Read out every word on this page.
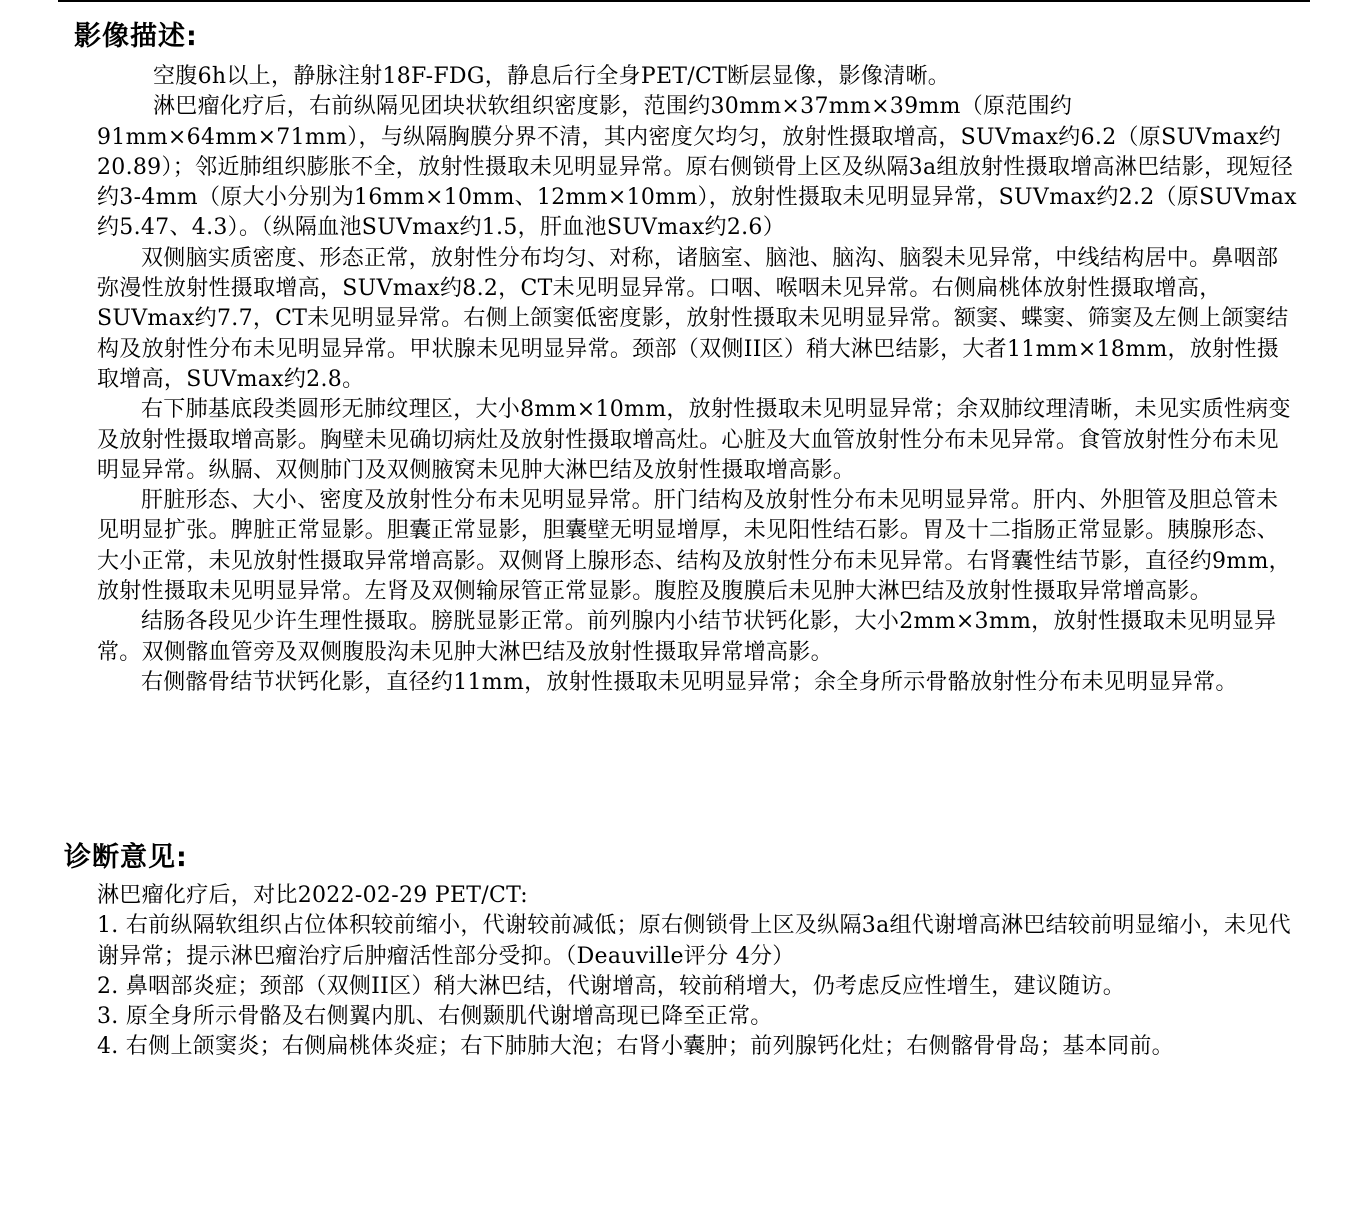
影像描述:

空腹6h以上，静脉注射18F-FDG，静息后行全身PET/CT断层显像，影像清晰。

淋巴瘤化疗后，右前纵隔见团块状软组织密度影，范围约30mm×37mm×39mm（原范围约91mm×64mm×71mm），与纵隔胸膜分界不清，其内密度欠均匀，放射性摄取增高，SUVmax约6.2（原SUVmax约20.89）；邻近肺组织膨胀不全，放射性摄取未见明显异常。原右侧锁骨上区及纵隔3a组放射性摄取增高淋巴结影，现短径约3-4mm（原大小分别为16mm×10mm、12mm×10mm），放射性摄取未见明显异常，SUVmax约2.2（原SUVmax约5.47、4.3）。（纵隔血池SUVmax约1.5，肝血池SUVmax约2.6）

双侧脑实质密度、形态正常，放射性分布均匀、对称，诸脑室、脑池、脑沟、脑裂未见异常，中线结构居中。鼻咽部弥漫性放射性摄取增高，SUVmax约8.2，CT未见明显异常。口咽、喉咽未见异常。右侧扁桃体放射性摄取增高，SUVmax约7.7，CT未见明显异常。右侧上颌窦低密度影，放射性摄取未见明显异常。额窦、蝶窦、筛窦及左侧上颌窦结构及放射性分布未见明显异常。甲状腺未见明显异常。颈部（双侧II区）稍大淋巴结影，大者11mm×18mm，放射性摄取增高，SUVmax约2.8。

右下肺基底段类圆形无肺纹理区，大小8mm×10mm，放射性摄取未见明显异常；余双肺纹理清晰，未见实质性病变及放射性摄取增高影。胸壁未见确切病灶及放射性摄取增高灶。心脏及大血管放射性分布未见异常。食管放射性分布未见明显异常。纵膈、双侧肺门及双侧腋窝未见肿大淋巴结及放射性摄取增高影。

肝脏形态、大小、密度及放射性分布未见明显异常。肝门结构及放射性分布未见明显异常。肝内、外胆管及胆总管未见明显扩张。脾脏正常显影。胆囊正常显影，胆囊壁无明显增厚，未见阳性结石影。胃及十二指肠正常显影。胰腺形态、大小正常，未见放射性摄取异常增高影。双侧肾上腺形态、结构及放射性分布未见异常。右肾囊性结节影，直径约9mm，放射性摄取未见明显异常。左肾及双侧输尿管正常显影。腹腔及腹膜后未见肿大淋巴结及放射性摄取异常增高影。

结肠各段见少许生理性摄取。膀胱显影正常。前列腺内小结节状钙化影，大小2mm×3mm，放射性摄取未见明显异常。双侧髂血管旁及双侧腹股沟未见肿大淋巴结及放射性摄取异常增高影。

右侧髂骨结节状钙化影，直径约11mm，放射性摄取未见明显异常；余全身所示骨骼放射性分布未见明显异常。

诊断意见:

淋巴瘤化疗后，对比2022-02-29 PET/CT:

1. 右前纵隔软组织占位体积较前缩小，代谢较前减低；原右侧锁骨上区及纵隔3a组代谢增高淋巴结较前明显缩小，未见代谢异常；提示淋巴瘤治疗后肿瘤活性部分受抑。（Deauville评分 4分）

2. 鼻咽部炎症；颈部（双侧II区）稍大淋巴结，代谢增高，较前稍增大，仍考虑反应性增生，建议随访。

3. 原全身所示骨骼及右侧翼内肌、右侧颞肌代谢增高现已降至正常。

4. 右侧上颌窦炎；右侧扁桃体炎症；右下肺肺大泡；右肾小囊肿；前列腺钙化灶；右侧髂骨骨岛；基本同前。
